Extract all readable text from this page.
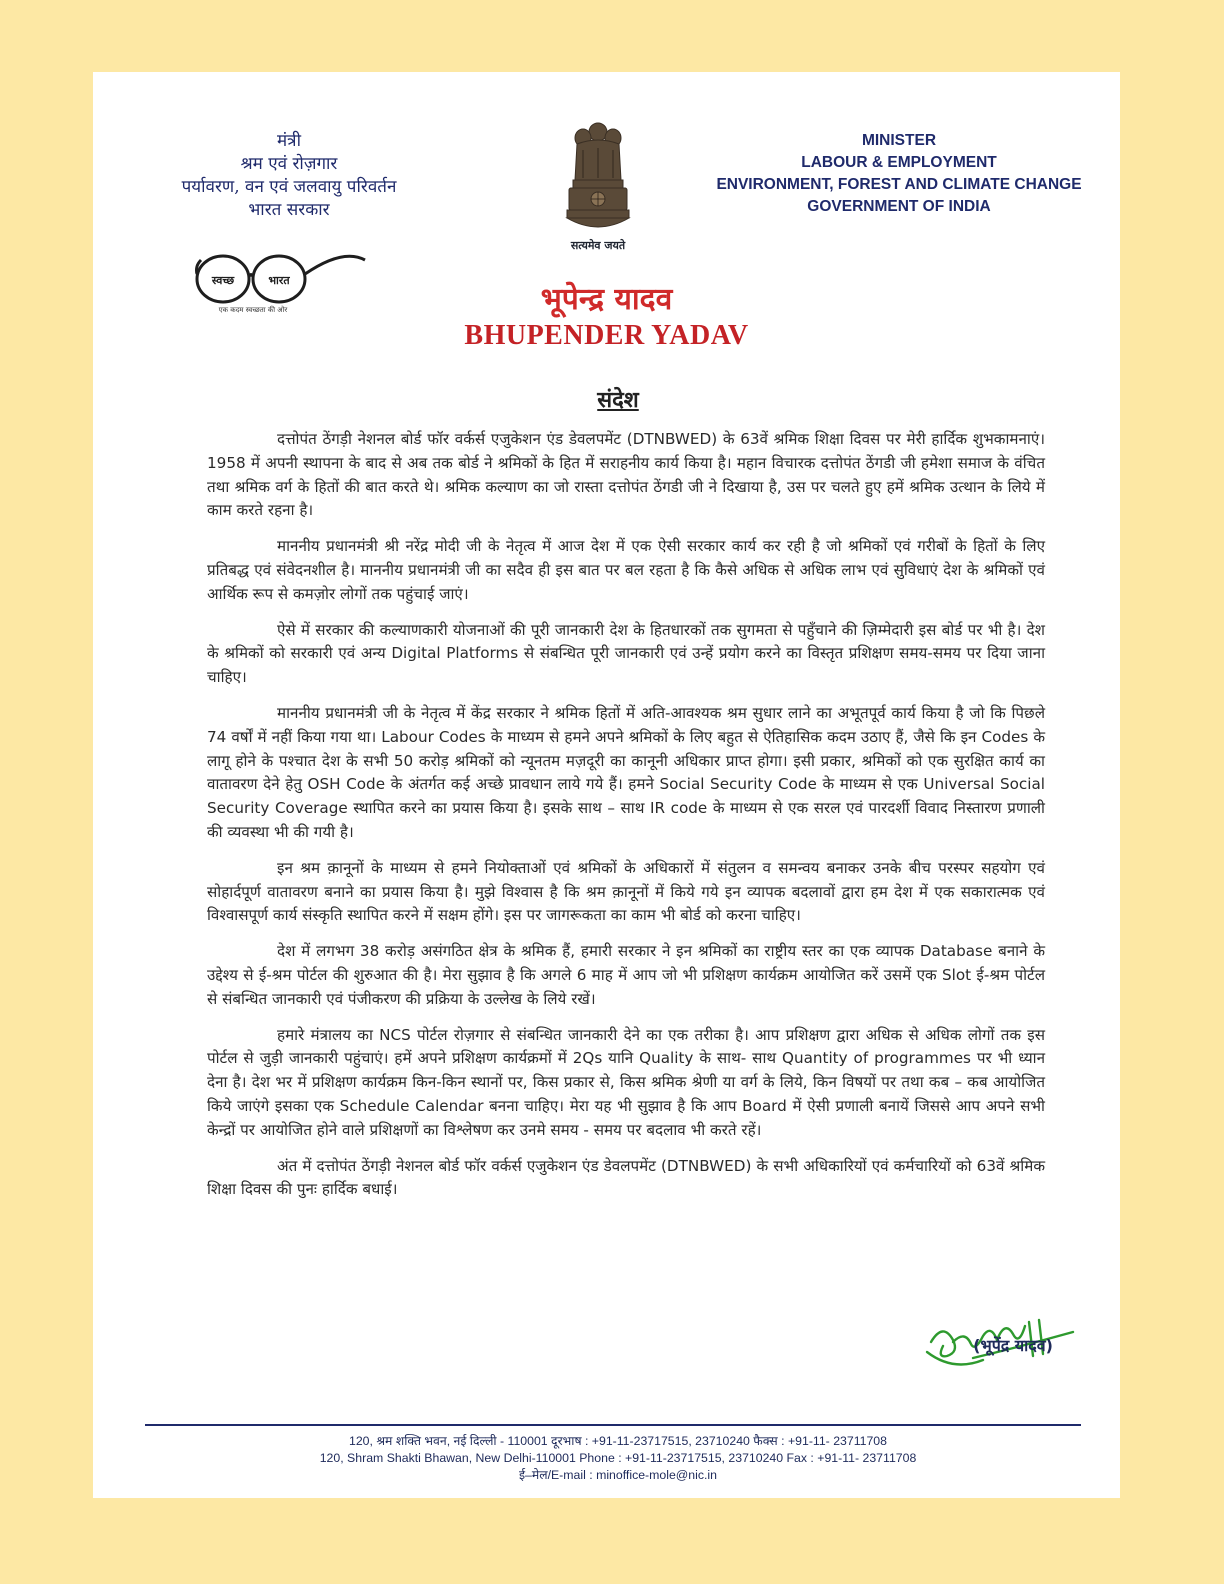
मंत्री
श्रम एवं रोज़गार
पर्यावरण, वन एवं जलवायु परिवर्तन
भारत सरकार
सत्यमेव जयते
MINISTER
LABOUR & EMPLOYMENT
ENVIRONMENT, FOREST AND CLIMATE CHANGE
GOVERNMENT OF INDIA
स्वच्छ	भारत
एक कदम स्वच्छता की ओर	भूपेन्द्र यादव
BHUPENDER YADAV
संदेश

दत्तोपंत ठेंगड़ी नेशनल बोर्ड फॉर वर्कर्स एजुकेशन एंड डेवलपमेंट (DTNBWED) के 63वें श्रमिक शिक्षा दिवस पर मेरी हार्दिक शुभकामनाएं। 1958 में अपनी स्थापना के बाद से अब तक बोर्ड ने श्रमिकों के हित में सराहनीय कार्य किया है। महान विचारक दत्तोपंत ठेंगडी जी हमेशा समाज के वंचित तथा श्रमिक वर्ग के हितों की बात करते थे। श्रमिक कल्याण का जो रास्ता दत्तोपंत ठेंगडी जी ने दिखाया है, उस पर चलते हुए हमें श्रमिक उत्थान के लिये में काम करते रहना है।

माननीय प्रधानमंत्री श्री नरेंद्र मोदी जी के नेतृत्व में आज देश में एक ऐसी सरकार कार्य कर रही है जो श्रमिकों एवं गरीबों के हितों के लिए प्रतिबद्ध एवं संवेदनशील है। माननीय प्रधानमंत्री जी का सदैव ही इस बात पर बल रहता है कि कैसे अधिक से अधिक लाभ एवं सुविधाएं देश के श्रमिकों एवं आर्थिक रूप से कमज़ोर लोगों तक पहुंचाई जाएं।

ऐसे में सरकार की कल्याणकारी योजनाओं की पूरी जानकारी देश के हितधारकों तक सुगमता से पहुँचाने की ज़िम्मेदारी इस बोर्ड पर भी है। देश के श्रमिकों को सरकारी एवं अन्य Digital Platforms से संबन्धित पूरी जानकारी एवं उन्हें प्रयोग करने का विस्तृत प्रशिक्षण समय-समय पर दिया जाना चाहिए।

माननीय प्रधानमंत्री जी के नेतृत्व में केंद्र सरकार ने श्रमिक हितों में अति-आवश्यक श्रम सुधार लाने का अभूतपूर्व कार्य किया है जो कि पिछले 74 वर्षों में नहीं किया गया था। Labour Codes के माध्यम से हमने अपने श्रमिकों के लिए बहुत से ऐतिहासिक कदम उठाए हैं, जैसे कि इन Codes के लागू होने के पश्चात देश के सभी 50 करोड़ श्रमिकों को न्यूनतम मज़दूरी का कानूनी अधिकार प्राप्त होगा। इसी प्रकार, श्रमिकों को एक सुरक्षित कार्य का वातावरण देने हेतु OSH Code के अंतर्गत कई अच्छे प्रावधान लाये गये हैं। हमने Social Security Code के माध्यम से एक Universal Social Security Coverage स्थापित करने का प्रयास किया है। इसके साथ – साथ IR code के माध्यम से एक सरल एवं पारदर्शी विवाद निस्तारण प्रणाली की व्यवस्था भी की गयी है।

इन श्रम क़ानूनों के माध्यम से हमने नियोक्ताओं एवं श्रमिकों के अधिकारों में संतुलन व समन्वय बनाकर उनके बीच परस्पर सहयोग एवं सोहार्दपूर्ण वातावरण बनाने का प्रयास किया है। मुझे विश्वास है कि श्रम क़ानूनों में किये गये इन व्यापक बदलावों द्वारा हम देश में एक सकारात्मक एवं विश्वासपूर्ण कार्य संस्कृति स्थापित करने में सक्षम होंगे। इस पर जागरूकता का काम भी बोर्ड को करना चाहिए।

देश में लगभग 38 करोड़ असंगठित क्षेत्र के श्रमिक हैं, हमारी सरकार ने इन श्रमिकों का राष्ट्रीय स्तर का एक व्यापक Database बनाने के उद्देश्य से ई-श्रम पोर्टल की शुरुआत की है। मेरा सुझाव है कि अगले 6 माह में आप जो भी प्रशिक्षण कार्यक्रम आयोजित करें उसमें एक Slot ई-श्रम पोर्टल से संबन्धित जानकारी एवं पंजीकरण की प्रक्रिया के उल्लेख के लिये रखें।

हमारे मंत्रालय का NCS पोर्टल रोज़गार से संबन्धित जानकारी देने का एक तरीका है। आप प्रशिक्षण द्वारा अधिक से अधिक लोगों तक इस पोर्टल से जुड़ी जानकारी पहुंचाएं। हमें अपने प्रशिक्षण कार्यक्रमों में 2Qs यानि Quality के साथ- साथ Quantity of programmes पर भी ध्यान देना है। देश भर में प्रशिक्षण कार्यक्रम किन-किन स्थानों पर, किस प्रकार से, किस श्रमिक श्रेणी या वर्ग के लिये, किन विषयों पर तथा कब – कब आयोजित किये जाएंगे इसका एक Schedule Calendar बनना चाहिए। मेरा यह भी सुझाव है कि आप Board में ऐसी प्रणाली बनायें जिससे आप अपने सभी केन्द्रों पर आयोजित होने वाले प्रशिक्षणों का विश्लेषण कर उनमे समय - समय पर बदलाव भी करते रहें।

अंत में दत्तोपंत ठेंगड़ी नेशनल बोर्ड फॉर वर्कर्स एजुकेशन एंड डेवलपमेंट (DTNBWED) के सभी अधिकारियों एवं कर्मचारियों को 63वें श्रमिक शिक्षा दिवस की पुनः हार्दिक बधाई।

(भूपेंद्र यादव)
120, श्रम शक्ति भवन, नई दिल्ली - 110001 दूरभाष : +91-11-23717515, 23710240 फैक्स : +91-11- 23711708
120, Shram Shakti Bhawan, New Delhi-110001 Phone : +91-11-23717515, 23710240 Fax : +91-11- 23711708
ई–मेल/E-mail : minoffice-mole@nic.in
